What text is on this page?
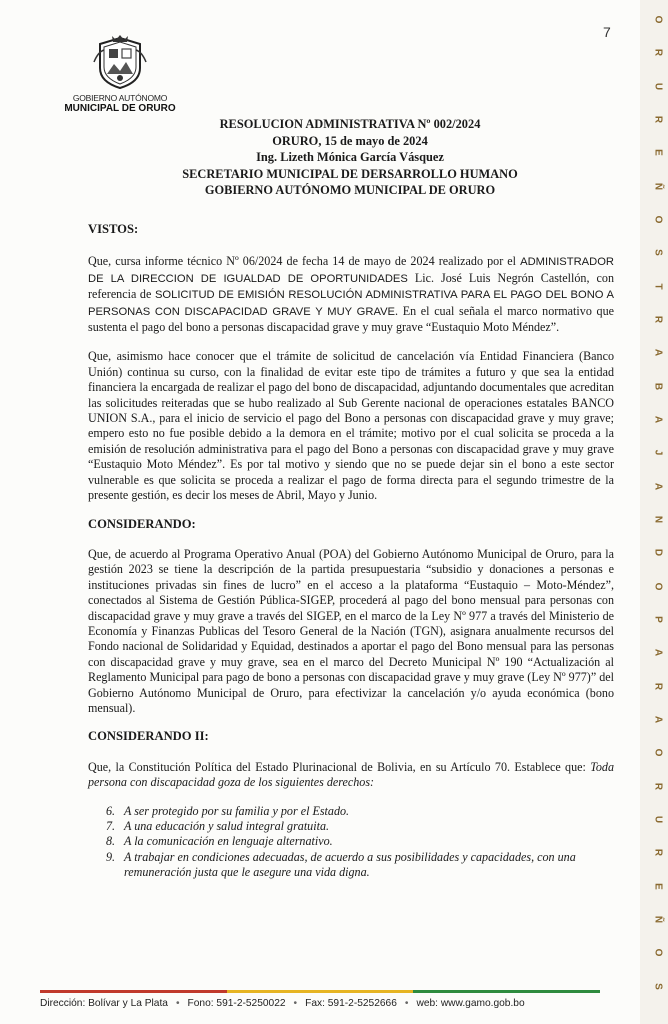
O
R
U
R
E
Ñ
O
S
T
R
A
B
A
J
A
N
D
O
P
A
R
A
O
R
U
R
E
Ñ
O
S
7
GOBIERNO AUTÓNOMO
MUNICIPAL DE ORURO
RESOLUCION ADMINISTRATIVA Nº 002/2024
ORURO, 15 de mayo de 2024
Ing. Lizeth Mónica García Vásquez
SECRETARIO MUNICIPAL DE DERSARROLLO HUMANO
GOBIERNO AUTÓNOMO MUNICIPAL DE ORURO
VISTOS:

Que, cursa informe técnico Nº 06/2024 de fecha 14 de mayo de 2024 realizado por el ADMINISTRADOR DE LA DIRECCION DE IGUALDAD DE OPORTUNIDADES Lic. José Luis Negrón Castellón, con referencia de SOLICITUD DE EMISIÓN RESOLUCIÓN ADMINISTRATIVA PARA EL PAGO DEL BONO A PERSONAS CON DISCAPACIDAD GRAVE Y MUY GRAVE. En el cual señala el marco normativo que sustenta el pago del bono a personas discapacidad grave y muy grave “Eustaquio Moto Méndez”.

Que, asimismo hace conocer que el trámite de solicitud de cancelación vía Entidad Financiera (Banco Unión) continua su curso, con la finalidad de evitar este tipo de trámites a futuro y que sea la entidad financiera la encargada de realizar el pago del bono de discapacidad, adjuntando documentales que acreditan las solicitudes reiteradas que se hubo realizado al Sub Gerente nacional de operaciones estatales BANCO UNION S.A., para el inicio de servicio el pago del Bono a personas con discapacidad grave y muy grave; empero esto no fue posible debido a la demora en el trámite; motivo por el cual solicita se proceda a la emisión de resolución administrativa para el pago del Bono a personas con discapacidad grave y muy grave “Eustaquio Moto Méndez”. Es por tal motivo y siendo que no se puede dejar sin el bono a este sector vulnerable es que solicita se proceda a realizar el pago de forma directa para el segundo trimestre de la presente gestión, es decir los meses de Abril, Mayo y Junio.

CONSIDERANDO:

Que, de acuerdo al Programa Operativo Anual (POA) del Gobierno Autónomo Municipal de Oruro, para la gestión 2023 se tiene la descripción de la partida presupuestaria “subsidio y donaciones a personas e instituciones privadas sin fines de lucro” en el acceso a la plataforma “Eustaquio – Moto-Méndez”, conectados al Sistema de Gestión Pública-SIGEP, procederá al pago del bono mensual para personas con discapacidad grave y muy grave a través del SIGEP, en el marco de la Ley Nº 977 a través del Ministerio de Economía y Finanzas Publicas del Tesoro General de la Nación (TGN), asignara anualmente recursos del Fondo nacional de Solidaridad y Equidad, destinados a aportar el pago del Bono mensual para las personas con discapacidad grave y muy grave, sea en el marco del Decreto Municipal Nº 190 “Actualización al Reglamento Municipal para pago de bono a personas con discapacidad grave y muy grave (Ley Nº 977)” del Gobierno Autónomo Municipal de Oruro, para efectivizar la cancelación y/o ayuda económica (bono mensual).

CONSIDERANDO II:

Que, la Constitución Política del Estado Plurinacional de Bolivia, en su Artículo 70. Establece que: Toda persona con discapacidad goza de los siguientes derechos:

6. A ser protegido por su familia y por el Estado.
7. A una educación y salud integral gratuita.
8. A la comunicación en lenguaje alternativo.
9. A trabajar en condiciones adecuadas, de acuerdo a sus posibilidades y capacidades, con una remuneración justa que le asegure una vida digna.
Dirección: Bolívar y La Plata • Fono: 591-2-5250022 • Fax: 591-2-5252666 • web: www.gamo.gob.bo
